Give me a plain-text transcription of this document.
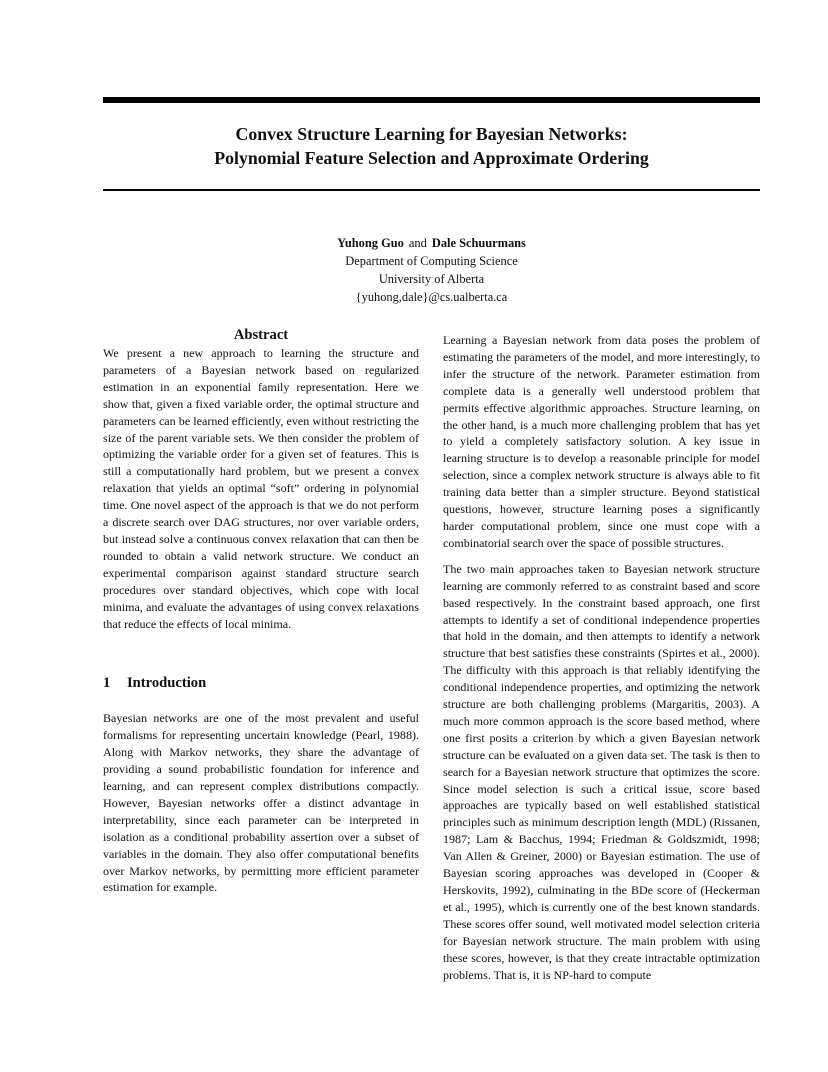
Convex Structure Learning for Bayesian Networks:
Polynomial Feature Selection and Approximate Ordering
Yuhong Guo and Dale Schuurmans
Department of Computing Science
University of Alberta
{yuhong,dale}@cs.ualberta.ca
Abstract

We present a new approach to learning the structure and parameters of a Bayesian network based on regularized estimation in an exponential family representation. Here we show that, given a fixed variable order, the optimal structure and parameters can be learned efficiently, even without restricting the size of the parent variable sets. We then consider the problem of optimizing the variable order for a given set of features. This is still a computationally hard problem, but we present a convex relaxation that yields an optimal “soft” ordering in polynomial time. One novel aspect of the approach is that we do not perform a discrete search over DAG structures, nor over variable orders, but instead solve a continuous convex relaxation that can then be rounded to obtain a valid network structure. We conduct an experimental comparison against standard structure search procedures over standard objectives, which cope with local minima, and evaluate the advantages of using convex relaxations that reduce the effects of local minima.

1 Introduction

Bayesian networks are one of the most prevalent and useful formalisms for representing uncertain knowledge (Pearl, 1988). Along with Markov networks, they share the advantage of providing a sound probabilistic foundation for inference and learning, and can represent complex distributions compactly. However, Bayesian networks offer a distinct advantage in interpretability, since each parameter can be interpreted in isolation as a conditional probability assertion over a subset of variables in the domain. They also offer computational benefits over Markov networks, by permitting more efficient parameter estimation for example.

Learning a Bayesian network from data poses the problem of estimating the parameters of the model, and more interestingly, to infer the structure of the network. Parameter estimation from complete data is a generally well understood problem that permits effective algorithmic approaches. Structure learning, on the other hand, is a much more challenging problem that has yet to yield a completely satisfactory solution. A key issue in learning structure is to develop a reasonable principle for model selection, since a complex network structure is always able to fit training data better than a simpler structure. Beyond statistical questions, however, structure learning poses a significantly harder computational problem, since one must cope with a combinatorial search over the space of possible structures.

The two main approaches taken to Bayesian network structure learning are commonly referred to as constraint based and score based respectively. In the constraint based approach, one first attempts to identify a set of conditional independence properties that hold in the domain, and then attempts to identify a network structure that best satisfies these constraints (Spirtes et al., 2000). The difficulty with this approach is that reliably identifying the conditional independence properties, and optimizing the network structure are both challenging problems (Margaritis, 2003). A much more common approach is the score based method, where one first posits a criterion by which a given Bayesian network structure can be evaluated on a given data set. The task is then to search for a Bayesian network structure that optimizes the score. Since model selection is such a critical issue, score based approaches are typically based on well established statistical principles such as minimum description length (MDL) (Rissanen, 1987; Lam & Bacchus, 1994; Friedman & Goldszmidt, 1998; Van Allen & Greiner, 2000) or Bayesian estimation. The use of Bayesian scoring approaches was developed in (Cooper & Herskovits, 1992), culminating in the BDe score of (Heckerman et al., 1995), which is currently one of the best known standards. These scores offer sound, well motivated model selection criteria for Bayesian network structure. The main problem with using these scores, however, is that they create intractable optimization problems. That is, it is NP-hard to compute
